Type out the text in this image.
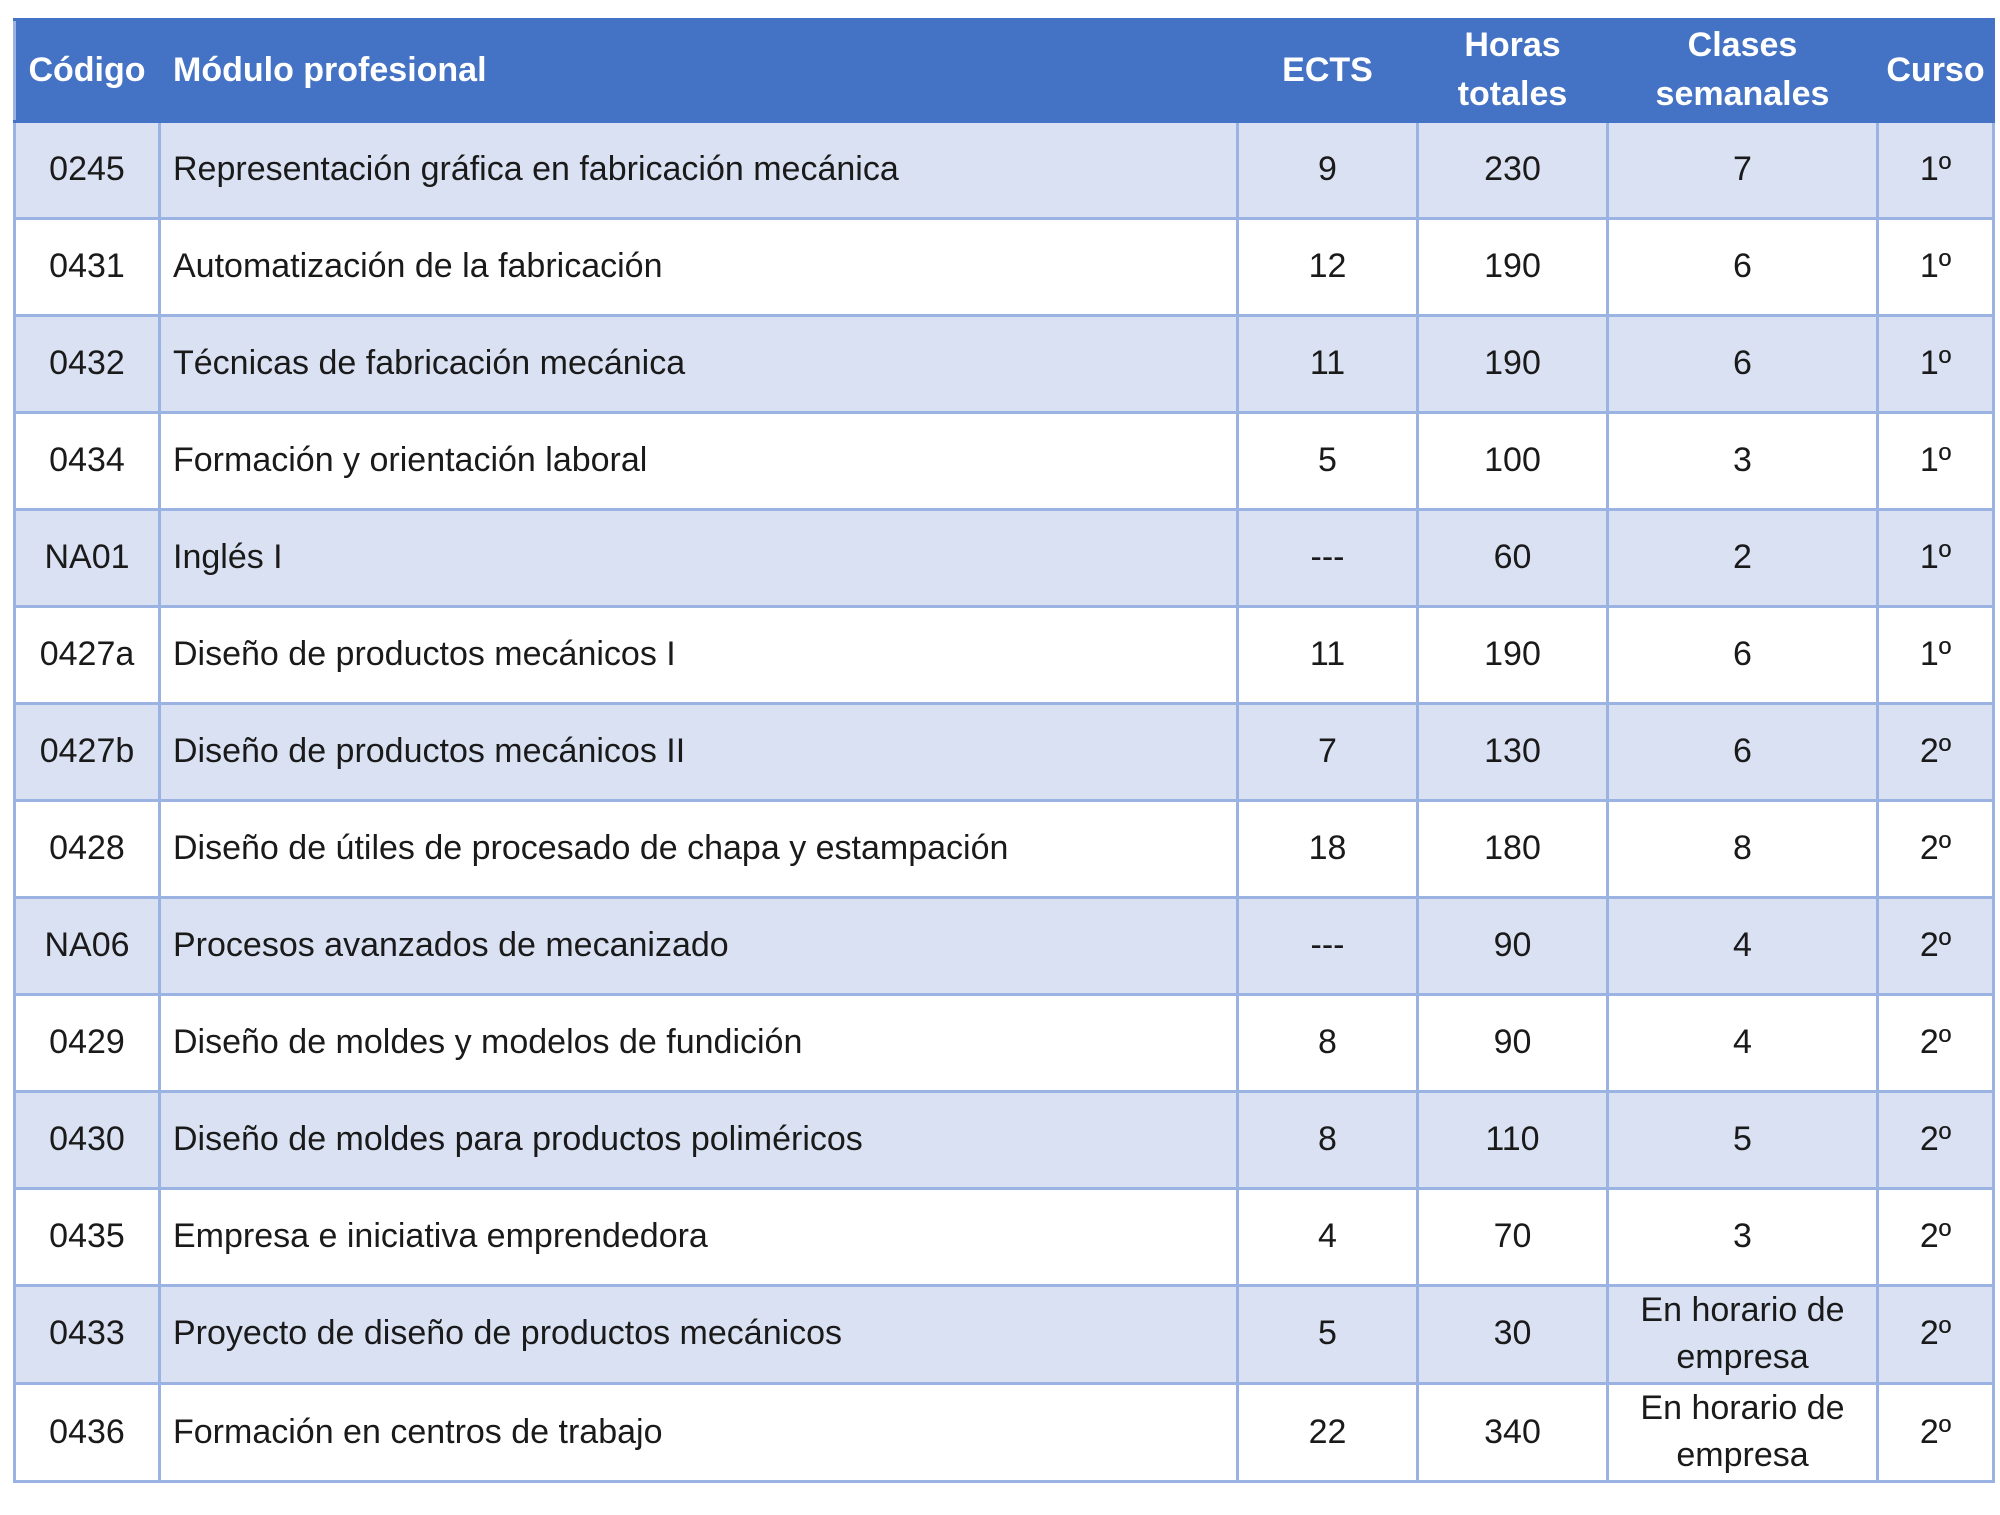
Código	Módulo profesional	ECTS	Horas totales	Clases semanales	Curso
0245	Representación gráfica en fabricación mecánica	9	230	7	1º
0431	Automatización de la fabricación	12	190	6	1º
0432	Técnicas de fabricación mecánica	11	190	6	1º
0434	Formación y orientación laboral	5	100	3	1º
NA01	Inglés I	---	60	2	1º
0427a	Diseño de productos mecánicos I	11	190	6	1º
0427b	Diseño de productos mecánicos II	7	130	6	2º
0428	Diseño de útiles de procesado de chapa y estampación	18	180	8	2º
NA06	Procesos avanzados de mecanizado	---	90	4	2º
0429	Diseño de moldes y modelos de fundición	8	90	4	2º
0430	Diseño de moldes para productos poliméricos	8	110	5	2º
0435	Empresa e iniciativa emprendedora	4	70	3	2º
0433	Proyecto de diseño de productos mecánicos	5	30	En horario de empresa	2º
0436	Formación en centros de trabajo	22	340	En horario de empresa	2º
